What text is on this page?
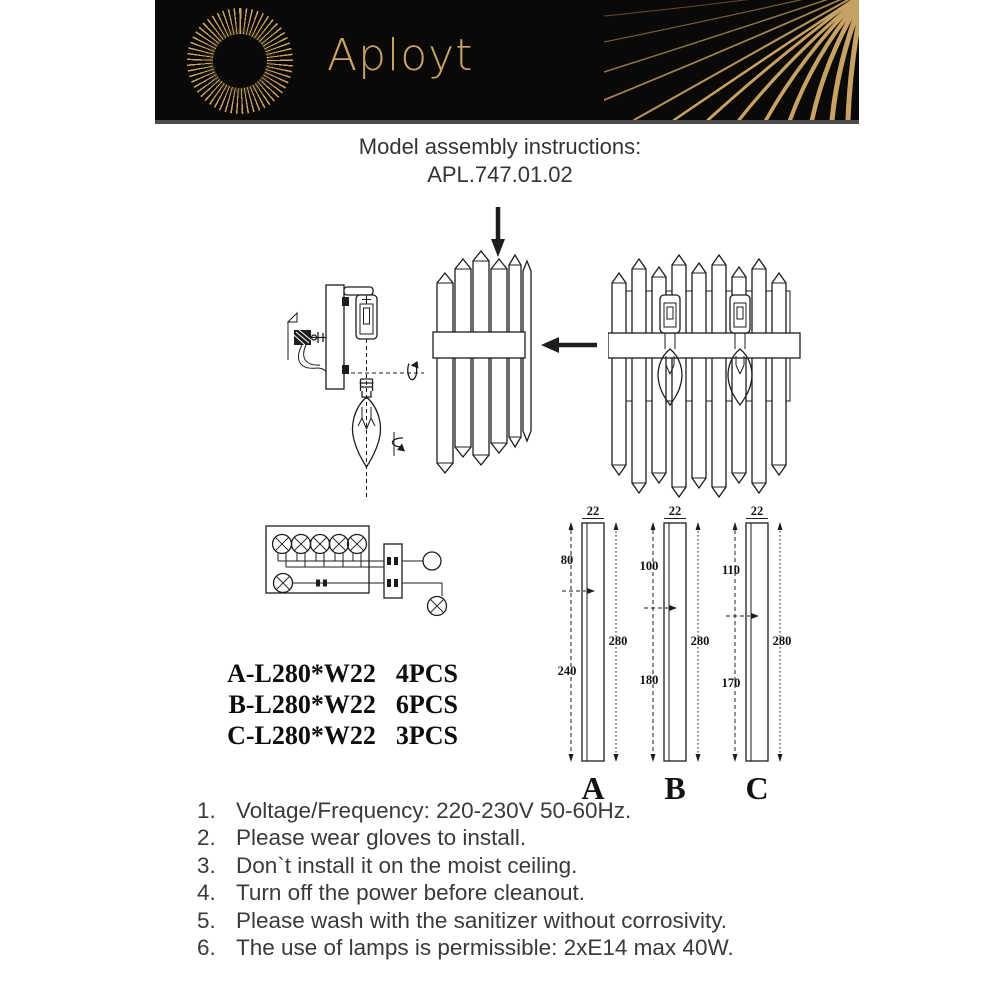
Aployt
Model assembly instructions:
APL.747.01.02
A-L280*W22 4PCS
B-L280*W22 6PCS
C-L280*W22 3PCS
22
80
240
280
A
22
100
180
280
B
22
110
170
280
C
1. Voltage/Frequency: 220-230V 50-60Hz.
2. Please wear gloves to install.
3. Don`t install it on the moist ceiling.
4. Turn off the power before cleanout.
5. Please wash with the sanitizer without corrosivity.
6. The use of lamps is permissible: 2xE14 max 40W.
